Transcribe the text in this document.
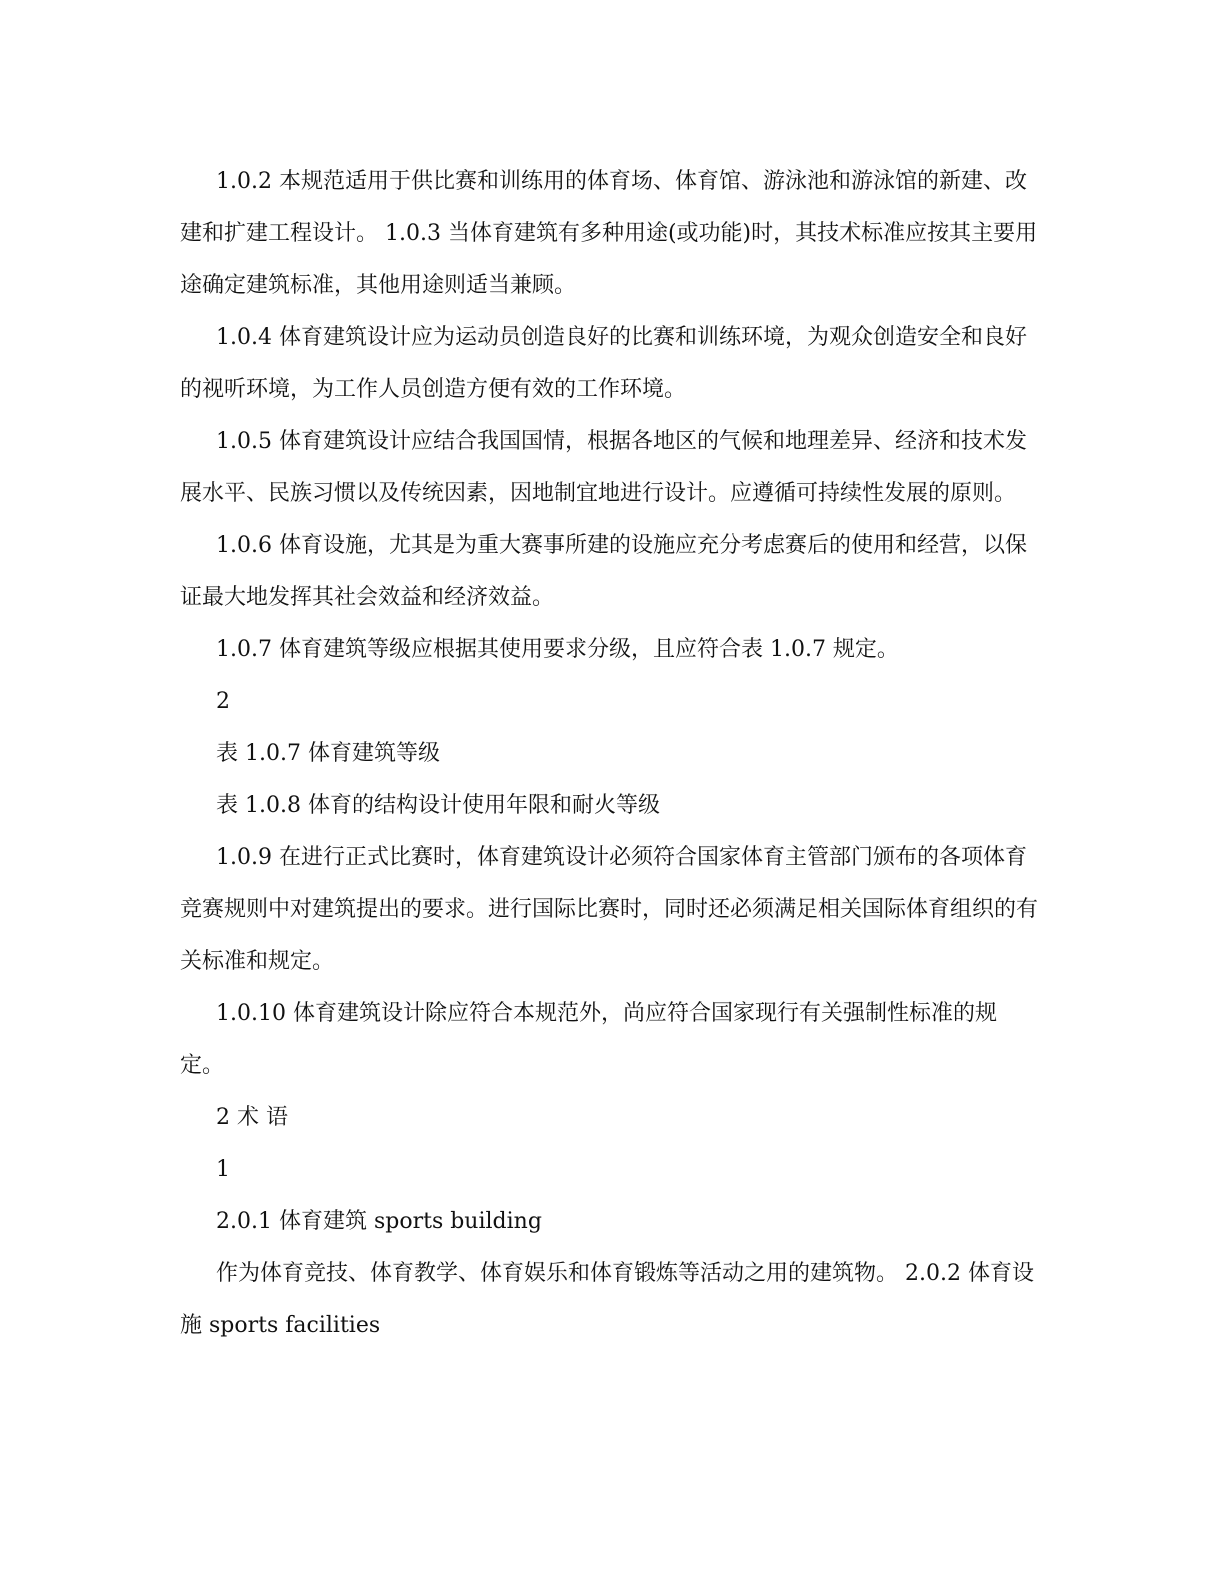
1.0.2 本规范适用于供比赛和训练用的体育场、体育馆、游泳池和游泳馆的新建、改建和扩建工程设计。 1.0.3 当体育建筑有多种用途(或功能)时，其技术标准应按其主要用途确定建筑标准，其他用途则适当兼顾。

1.0.4 体育建筑设计应为运动员创造良好的比赛和训练环境，为观众创造安全和良好的视听环境，为工作人员创造方便有效的工作环境。

1.0.5 体育建筑设计应结合我国国情，根据各地区的气候和地理差异、经济和技术发展水平、民族习惯以及传统因素，因地制宜地进行设计。应遵循可持续性发展的原则。

1.0.6 体育设施，尤其是为重大赛事所建的设施应充分考虑赛后的使用和经营，以保证最大地发挥其社会效益和经济效益。

1.0.7 体育建筑等级应根据其使用要求分级，且应符合表 1.0.7 规定。

2

表 1.0.7 体育建筑等级

表 1.0.8 体育的结构设计使用年限和耐火等级

1.0.9 在进行正式比赛时，体育建筑设计必须符合国家体育主管部门颁布的各项体育竞赛规则中对建筑提出的要求。进行国际比赛时，同时还必须满足相关国际体育组织的有关标准和规定。

1.0.10 体育建筑设计除应符合本规范外，尚应符合国家现行有关强制性标准的规定。

2 术 语

1

2.0.1 体育建筑 sports building

作为体育竞技、体育教学、体育娱乐和体育锻炼等活动之用的建筑物。 2.0.2 体育设施 sports facilities
